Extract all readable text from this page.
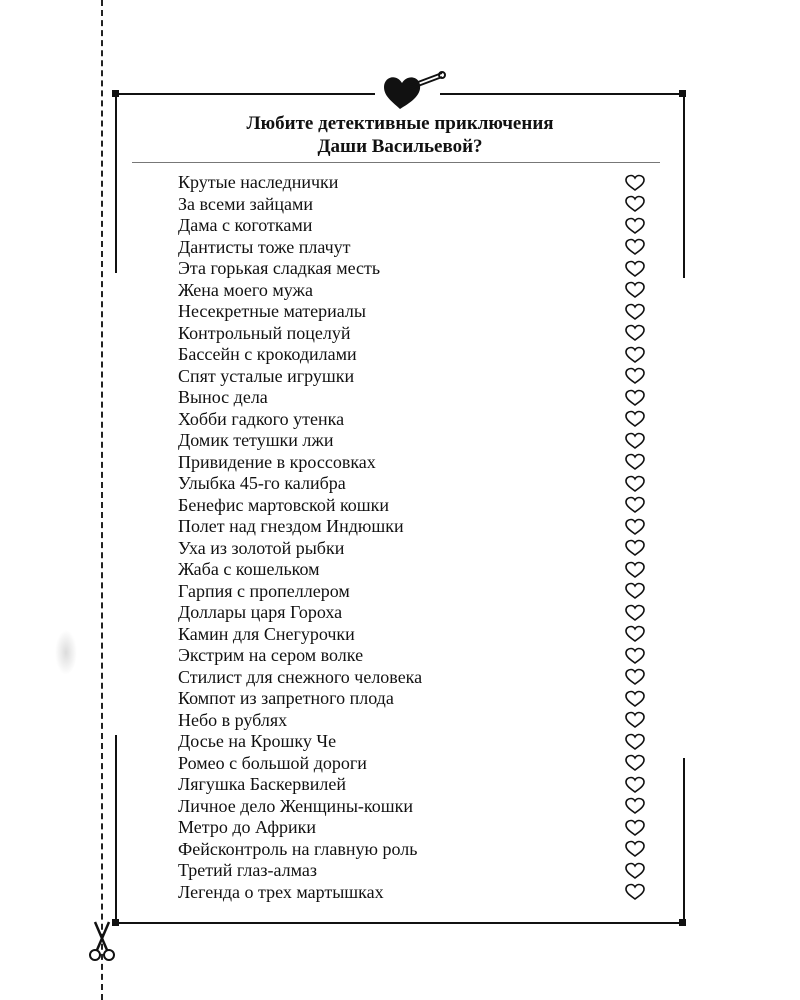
Любите детективные приключения
Даши Васильевой?
Крутые наследнички
За всеми зайцами
Дама с коготками
Дантисты тоже плачут
Эта горькая сладкая месть
Жена моего мужа
Несекретные материалы
Контрольный поцелуй
Бассейн с крокодилами
Спят усталые игрушки
Вынос дела
Хобби гадкого утенка
Домик тетушки лжи
Привидение в кроссовках
Улыбка 45-го калибра
Бенефис мартовской кошки
Полет над гнездом Индюшки
Уха из золотой рыбки
Жаба с кошельком
Гарпия с пропеллером
Доллары царя Гороха
Камин для Снегурочки
Экстрим на сером волке
Стилист для снежного человека
Компот из запретного плода
Небо в рублях
Досье на Крошку Че
Ромео с большой дороги
Лягушка Баскервилей
Личное дело Женщины-кошки
Метро до Африки
Фейсконтроль на главную роль
Третий глаз-алмаз
Легенда о трех мартышках
